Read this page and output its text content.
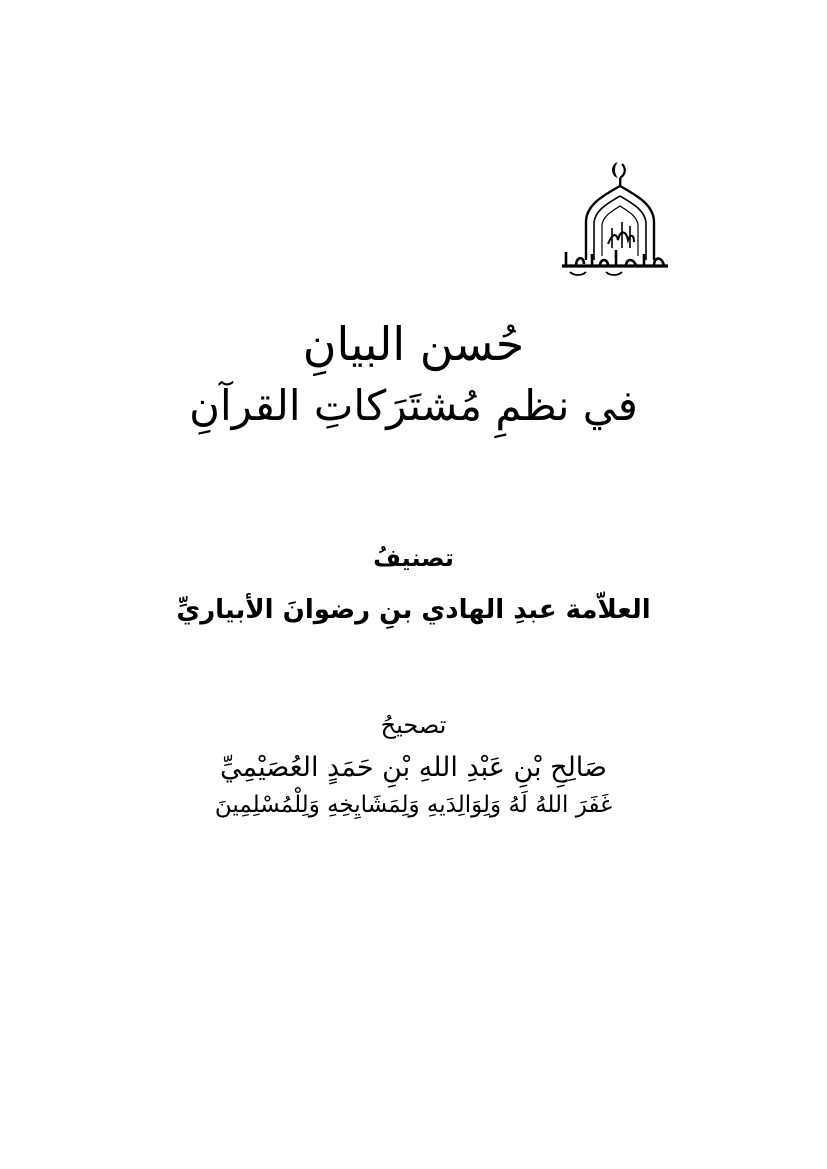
حُسن البيانِ
في نظمِ مُشتَرَكاتِ القرآنِ
تصنيفُ
العلاّمة عبدِ الهادي بنِ رضوانَ الأبياريِّ
تصحيحُ
صَالِحِ بْنِ عَبْدِ اللهِ بْنِ حَمَدٍ العُصَيْمِيِّ
غَفَرَ اللهُ لَهُ وَلِوَالِدَيهِ وَلِمَشَايِخِهِ وَلِلْمُسْلِمِينَ
